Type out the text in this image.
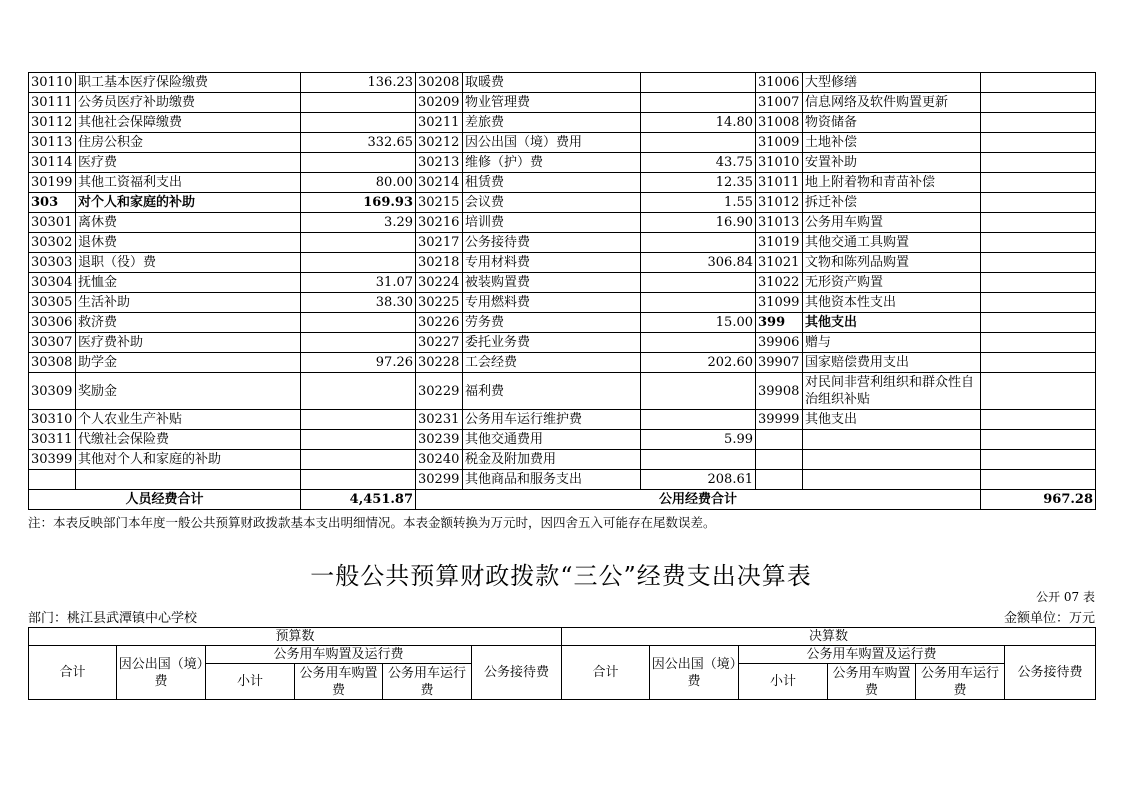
30110	职工基本医疗保险缴费	136.23	30208	取暖费		31006	大型修缮	
30111	公务员医疗补助缴费		30209	物业管理费		31007	信息网络及软件购置更新	
30112	其他社会保障缴费		30211	差旅费	14.80	31008	物资储备	
30113	住房公积金	332.65	30212	因公出国（境）费用		31009	土地补偿	
30114	医疗费		30213	维修（护）费	43.75	31010	安置补助	
30199	其他工资福利支出	80.00	30214	租赁费	12.35	31011	地上附着物和青苗补偿	
303	对个人和家庭的补助	169.93	30215	会议费	1.55	31012	拆迁补偿	
30301	离休费	3.29	30216	培训费	16.90	31013	公务用车购置	
30302	退休费		30217	公务接待费		31019	其他交通工具购置	
30303	退职（役）费		30218	专用材料费	306.84	31021	文物和陈列品购置	
30304	抚恤金	31.07	30224	被装购置费		31022	无形资产购置	
30305	生活补助	38.30	30225	专用燃料费		31099	其他资本性支出	
30306	救济费		30226	劳务费	15.00	399	其他支出	
30307	医疗费补助		30227	委托业务费		39906	赠与	
30308	助学金	97.26	30228	工会经费	202.60	39907	国家赔偿费用支出	
30309	奖励金		30229	福利费		39908	对民间非营利组织和群众性自治组织补贴	
30310	个人农业生产补贴		30231	公务用车运行维护费		39999	其他支出	
30311	代缴社会保险费		30239	其他交通费用	5.99			
30399	其他对个人和家庭的补助		30240	税金及附加费用				
			30299	其他商品和服务支出	208.61			
人员经费合计		4,451.87	公用经费合计					967.28
注：本表反映部门本年度一般公共预算财政拨款基本支出明细情况。本表金额转换为万元时，因四舍五入可能存在尾数误差。
一般公共预算财政拨款“三公”经费支出决算表
公开 07 表
部门：桃江县武潭镇中心学校	金额单位：万元
预算数						决算数					
合计	因公出国（境）费	公务用车购置及运行费			公务接待费	合计	因公出国（境）费	公务用车购置及运行费			公务接待费
		小计	公务用车购置费	公务用车运行费				小计	公务用车购置费	公务用车运行费	
